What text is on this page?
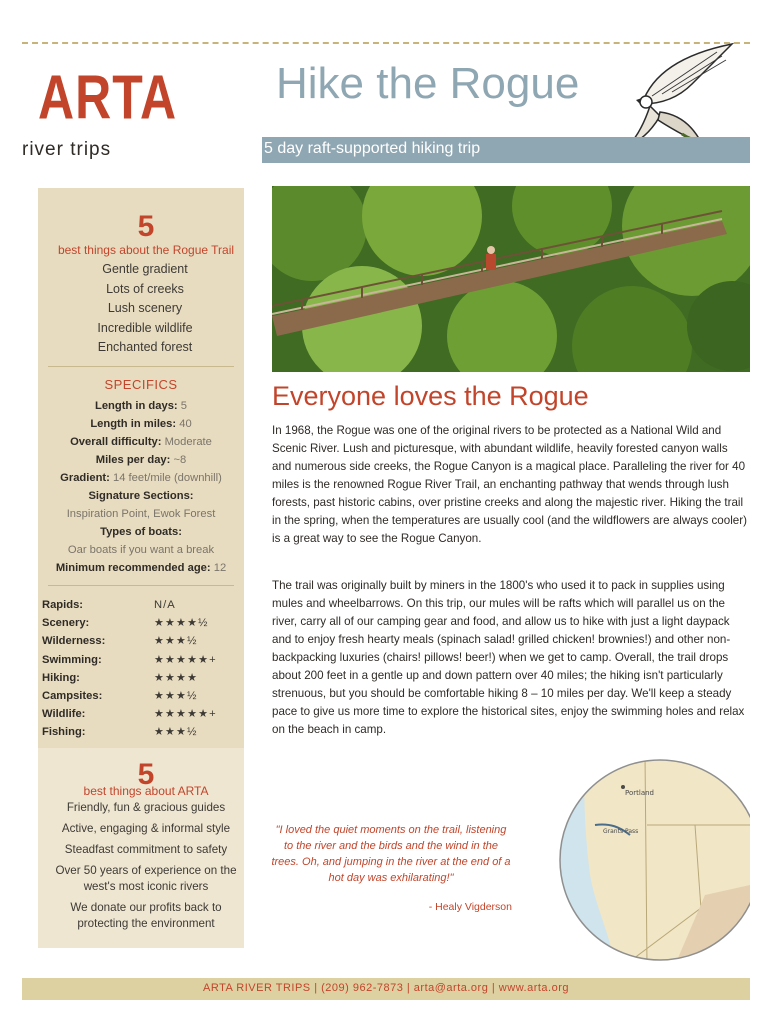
ARTA Hike the Rogue
river trips	5 day raft-supported hiking trip
5
best things about the Rogue Trail
Gentle gradient
Lots of creeks
Lush scenery
Incredible wildlife
Enchanted forest
SPECIFICS
Length in days: 5
Length in miles: 40
Overall difficulty: Moderate
Miles per day: ~8
Gradient: 14 feet/mile (downhill)
Signature Sections:
Inspiration Point, Ewok Forest
Types of boats:
Oar boats if you want a break
Minimum recommended age: 12
Rapids:	N/A
Scenery:	★★★★½
Wilderness:	★★★½
Swimming:	★★★★★+
Hiking:	★★★★
Campsites:	★★★½
Wildlife:	★★★★★+
Fishing:	★★★½
5
best things about ARTA
Friendly, fun & gracious guides
Active, engaging & informal style
Steadfast commitment to safety
Over 50 years of experience on the west's most iconic rivers
We donate our profits back to protecting the environment
Everyone loves the Rogue
In 1968, the Rogue was one of the original rivers to be protected as a National Wild and Scenic River. Lush and picturesque, with abundant wildlife, heavily forested canyon walls and numerous side creeks, the Rogue Canyon is a magical place. Paralleling the river for 40 miles is the renowned Rogue River Trail, an enchanting pathway that wends through lush forests, past historic cabins, over pristine creeks and along the majestic river. Hiking the trail in the spring, when the temperatures are usually cool (and the wildflowers are always cooler) is a great way to see the Rogue Canyon.
The trail was originally built by miners in the 1800's who used it to pack in supplies using mules and wheelbarrows. On this trip, our mules will be rafts which will parallel us on the river, carry all of our camping gear and food, and allow us to hike with just a light daypack and to enjoy fresh hearty meals (spinach salad! grilled chicken! brownies!) and other non-backpacking luxuries (chairs! pillows! beer!) when we get to camp. Overall, the trail drops about 200 feet in a gentle up and down pattern over 40 miles; the hiking isn't particularly strenuous, but you should be comfortable hiking 8 – 10 miles per day. We'll keep a steady pace to give us more time to explore the historical sites, enjoy the swimming holes and relax on the beach in camp.
"I loved the quiet moments on the trail, listening to the river and the birds and the wind in the trees. Oh, and jumping in the river at the end of a hot day was exhilarating!"
- Healy Vigderson
Portland
Grants Pass
ARTA RIVER TRIPS | (209) 962-7873 | arta@arta.org | www.arta.org
